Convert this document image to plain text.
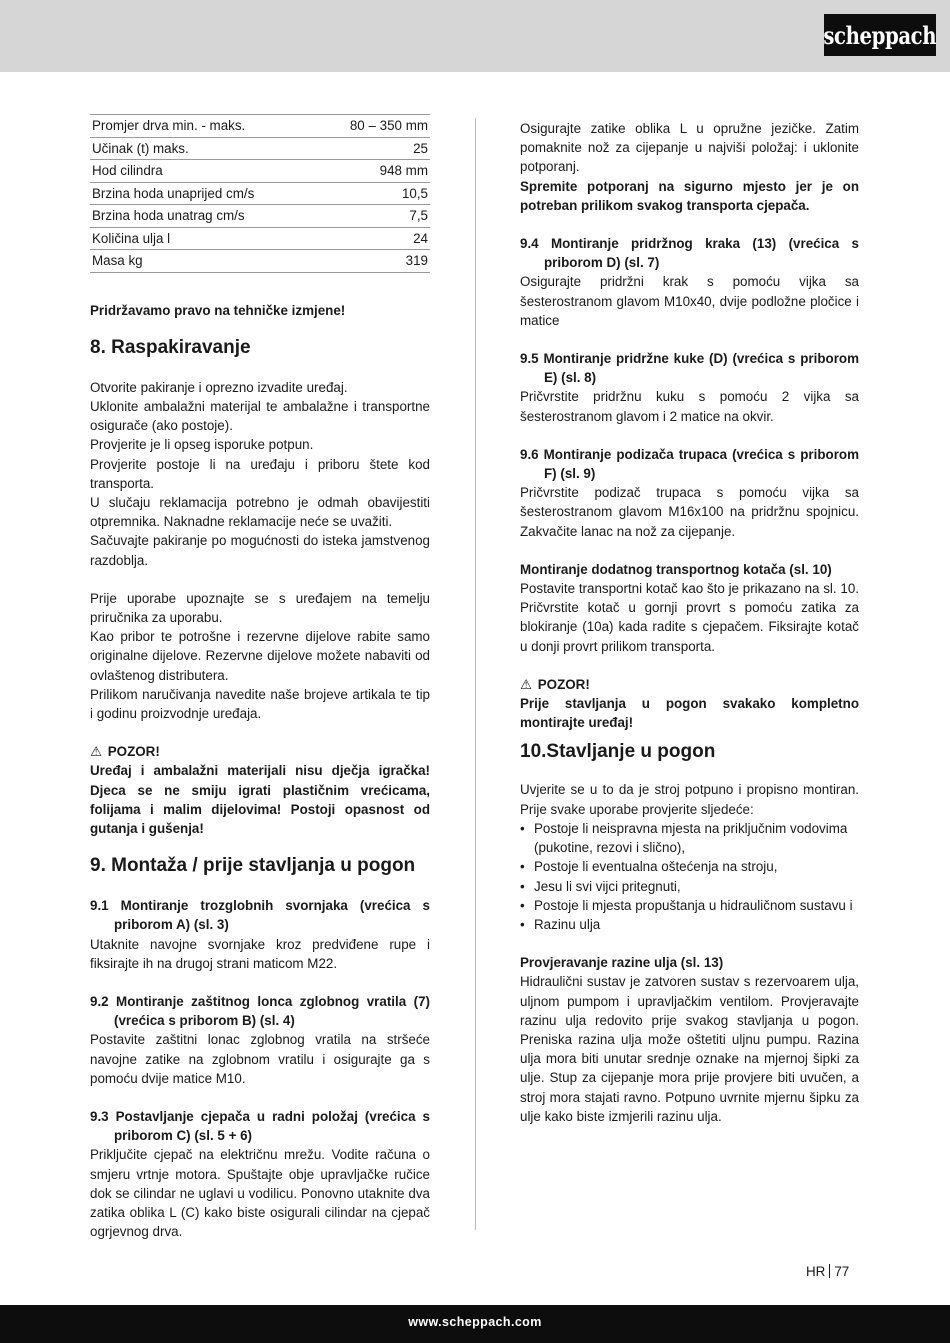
scheppach
Promjer drva min. - maks.	80 – 350 mm
Učinak (t) maks.	25
Hod cilindra	948 mm
Brzina hoda unaprijed cm/s	10,5
Brzina hoda unatrag cm/s	7,5
Količina ulja l	24
Masa kg	319

Pridržavamo pravo na tehničke izmjene!

8. Raspakiravanje

Otvorite pakiranje i oprezno izvadite uređaj.

Uklonite ambalažni materijal te ambalažne i transportne osigurače (ako postoje).

Provjerite je li opseg isporuke potpun.

Provjerite postoje li na uređaju i priboru štete kod transporta.

U slučaju reklamacija potrebno je odmah obavijestiti otpremnika. Naknadne reklamacije neće se uvažiti.

Sačuvajte pakiranje po mogućnosti do isteka jamstvenog razdoblja.

Prije uporabe upoznajte se s uređajem na temelju priručnika za uporabu.

Kao pribor te potrošne i rezervne dijelove rabite samo originalne dijelove. Rezervne dijelove možete nabaviti od ovlaštenog distributera.

Prilikom naručivanja navedite naše brojeve artikala te tip i godinu proizvodnje uređaja.

⚠ POZOR!

Uređaj i ambalažni materijali nisu dječja igračka! Djeca se ne smiju igrati plastičnim vrećicama, folijama i malim dijelovima! Postoji opasnost od gutanja i gušenja!

9. Montaža / prije stavljanja u pogon

9.1 Montiranje trozglobnih svornjaka (vrećica s priborom A) (sl. 3)

Utaknite navojne svornjake kroz predviđene rupe i fiksirajte ih na drugoj strani maticom M22.

9.2 Montiranje zaštitnog lonca zglobnog vratila (7) (vrećica s priborom B) (sl. 4)

Postavite zaštitni lonac zglobnog vratila na stršeće navojne zatike na zglobnom vratilu i osigurajte ga s pomoću dvije matice M10.

9.3 Postavljanje cjepača u radni položaj (vrećica s priborom C) (sl. 5 + 6)

Priključite cjepač na električnu mrežu. Vodite računa o smjeru vrtnje motora. Spuštajte obje upravljačke ručice dok se cilindar ne uglavi u vodilicu. Ponovno utaknite dva zatika oblika L (C) kako biste osigurali cilindar na cjepač ogrjevnog drva.

Osigurajte zatike oblika L u opružne jezičke. Zatim pomaknite nož za cijepanje u najviši položaj: i uklonite potporanj.

Spremite potporanj na sigurno mjesto jer je on potreban prilikom svakog transporta cjepača.

9.4 Montiranje pridržnog kraka (13) (vrećica s priborom D) (sl. 7)

Osigurajte pridržni krak s pomoću vijka sa šesterostranom glavom M10x40, dvije podložne pločice i matice

9.5 Montiranje pridržne kuke (D) (vrećica s priborom E) (sl. 8)

Pričvrstite pridržnu kuku s pomoću 2 vijka sa šesterostranom glavom i 2 matice na okvir.

9.6 Montiranje podizača trupaca (vrećica s priborom F) (sl. 9)

Pričvrstite podizač trupaca s pomoću vijka sa šesterostranom glavom M16x100 na pridržnu spojnicu. Zakvačite lanac na nož za cijepanje.

Montiranje dodatnog transportnog kotača (sl. 10)

Postavite transportni kotač kao što je prikazano na sl. 10. Pričvrstite kotač u gornji provrt s pomoću zatika za blokiranje (10a) kada radite s cjepačem. Fiksirajte kotač u donji provrt prilikom transporta.

⚠ POZOR!

Prije stavljanja u pogon svakako kompletno montirajte uređaj!

10.Stavljanje u pogon

Uvjerite se u to da je stroj potpuno i propisno montiran. Prije svake uporabe provjerite sljedeće:

• Postoje li neispravna mjesta na priključnim vodovima (pukotine, rezovi i slično),
• Postoje li eventualna oštećenja na stroju,
• Jesu li svi vijci pritegnuti,
• Postoje li mjesta propuštanja u hidrauličnom sustavu i
• Razinu ulja

Provjeravanje razine ulja (sl. 13)

Hidraulični sustav je zatvoren sustav s rezervoarem ulja, uljnom pumpom i upravljačkim ventilom. Provjeravajte razinu ulja redovito prije svakog stavljanja u pogon. Preniska razina ulja može oštetiti uljnu pumpu. Razina ulja mora biti unutar srednje oznake na mjernoj šipki za ulje. Stup za cijepanje mora prije provjere biti uvučen, a stroj mora stajati ravno. Potpuno uvrnite mjernu šipku za ulje kako biste izmjerili razinu ulja.

HR 77
www.scheppach.com
